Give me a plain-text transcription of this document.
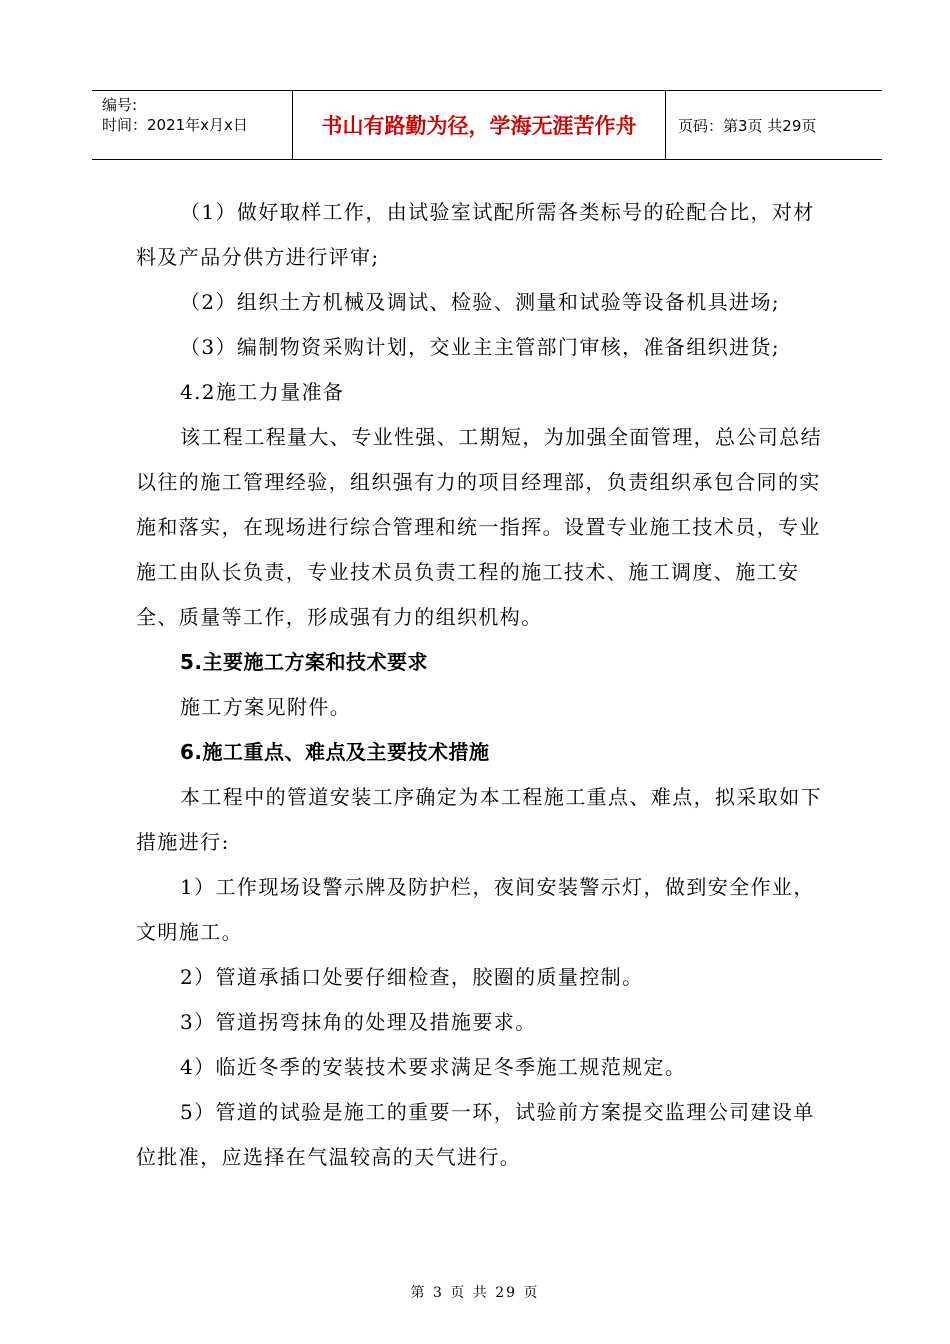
编号:
时间：2021年x月x日	书山有路勤为径，学海无涯苦作舟	页码：第3页 共29页

（1）做好取样工作，由试验室试配所需各类标号的砼配合比，对材料及产品分供方进行评审;

（2）组织土方机械及调试、检验、测量和试验等设备机具进场;

（3）编制物资采购计划，交业主主管部门审核，准备组织进货;

4.2施工力量准备

该工程工程量大、专业性强、工期短，为加强全面管理，总公司总结以往的施工管理经验，组织强有力的项目经理部，负责组织承包合同的实施和落实，在现场进行综合管理和统一指挥。设置专业施工技术员，专业施工由队长负责，专业技术员负责工程的施工技术、施工调度、施工安全、质量等工作，形成强有力的组织机构。

5.主要施工方案和技术要求

施工方案见附件。

6.施工重点、难点及主要技术措施

本工程中的管道安装工序确定为本工程施工重点、难点，拟采取如下措施进行:

1）工作现场设警示牌及防护栏，夜间安装警示灯，做到安全作业，文明施工。

2）管道承插口处要仔细检查，胶圈的质量控制。

3）管道拐弯抹角的处理及措施要求。

4）临近冬季的安装技术要求满足冬季施工规范规定。

5）管道的试验是施工的重要一环，试验前方案提交监理公司建设单位批准，应选择在气温较高的天气进行。

第 3 页 共 29 页
